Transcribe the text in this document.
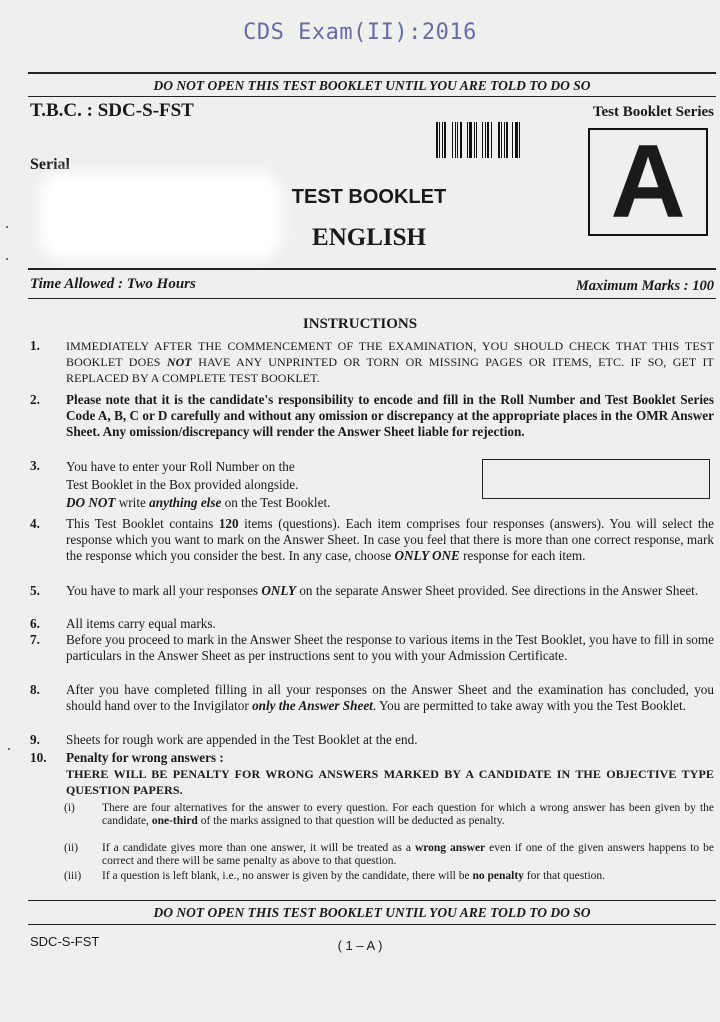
CDS Exam(II):2016
DO NOT OPEN THIS TEST BOOKLET UNTIL YOU ARE TOLD TO DO SO
T.B.C. : SDC-S-FST	Test Booklet Series
Serial
TEST BOOKLET
ENGLISH	A
Time Allowed : Two Hours	Maximum Marks : 100
INSTRUCTIONS
1.	IMMEDIATELY AFTER THE COMMENCEMENT OF THE EXAMINATION, YOU SHOULD CHECK THAT THIS TEST BOOKLET DOES NOT HAVE ANY UNPRINTED OR TORN OR MISSING PAGES OR ITEMS, ETC. IF SO, GET IT REPLACED BY A COMPLETE TEST BOOKLET.
2.	Please note that it is the candidate's responsibility to encode and fill in the Roll Number and Test Booklet Series Code A, B, C or D carefully and without any omission or discrepancy at the appropriate places in the OMR Answer Sheet. Any omission/discrepancy will render the Answer Sheet liable for rejection.
3.	You have to enter your Roll Number on the
Test Booklet in the Box provided alongside.
DO NOT write anything else on the Test Booklet.
4.	This Test Booklet contains 120 items (questions). Each item comprises four responses (answers). You will select the response which you want to mark on the Answer Sheet. In case you feel that there is more than one correct response, mark the response which you consider the best. In any case, choose ONLY ONE response for each item.
5.	You have to mark all your responses ONLY on the separate Answer Sheet provided. See directions in the Answer Sheet.
6.	All items carry equal marks.
7.	Before you proceed to mark in the Answer Sheet the response to various items in the Test Booklet, you have to fill in some particulars in the Answer Sheet as per instructions sent to you with your Admission Certificate.
8.	After you have completed filling in all your responses on the Answer Sheet and the examination has concluded, you should hand over to the Invigilator only the Answer Sheet. You are permitted to take away with you the Test Booklet.
9.	Sheets for rough work are appended in the Test Booklet at the end.
10.	Penalty for wrong answers :
THERE WILL BE PENALTY FOR WRONG ANSWERS MARKED BY A CANDIDATE IN THE OBJECTIVE TYPE QUESTION PAPERS.
(i)	There are four alternatives for the answer to every question. For each question for which a wrong answer has been given by the candidate, one-third of the marks assigned to that question will be deducted as penalty.
(ii)	If a candidate gives more than one answer, it will be treated as a wrong answer even if one of the given answers happens to be correct and there will be same penalty as above to that question.
(iii)	If a question is left blank, i.e., no answer is given by the candidate, there will be no penalty for that question.
DO NOT OPEN THIS TEST BOOKLET UNTIL YOU ARE TOLD TO DO SO
SDC-S-FST	( 1 – A )
